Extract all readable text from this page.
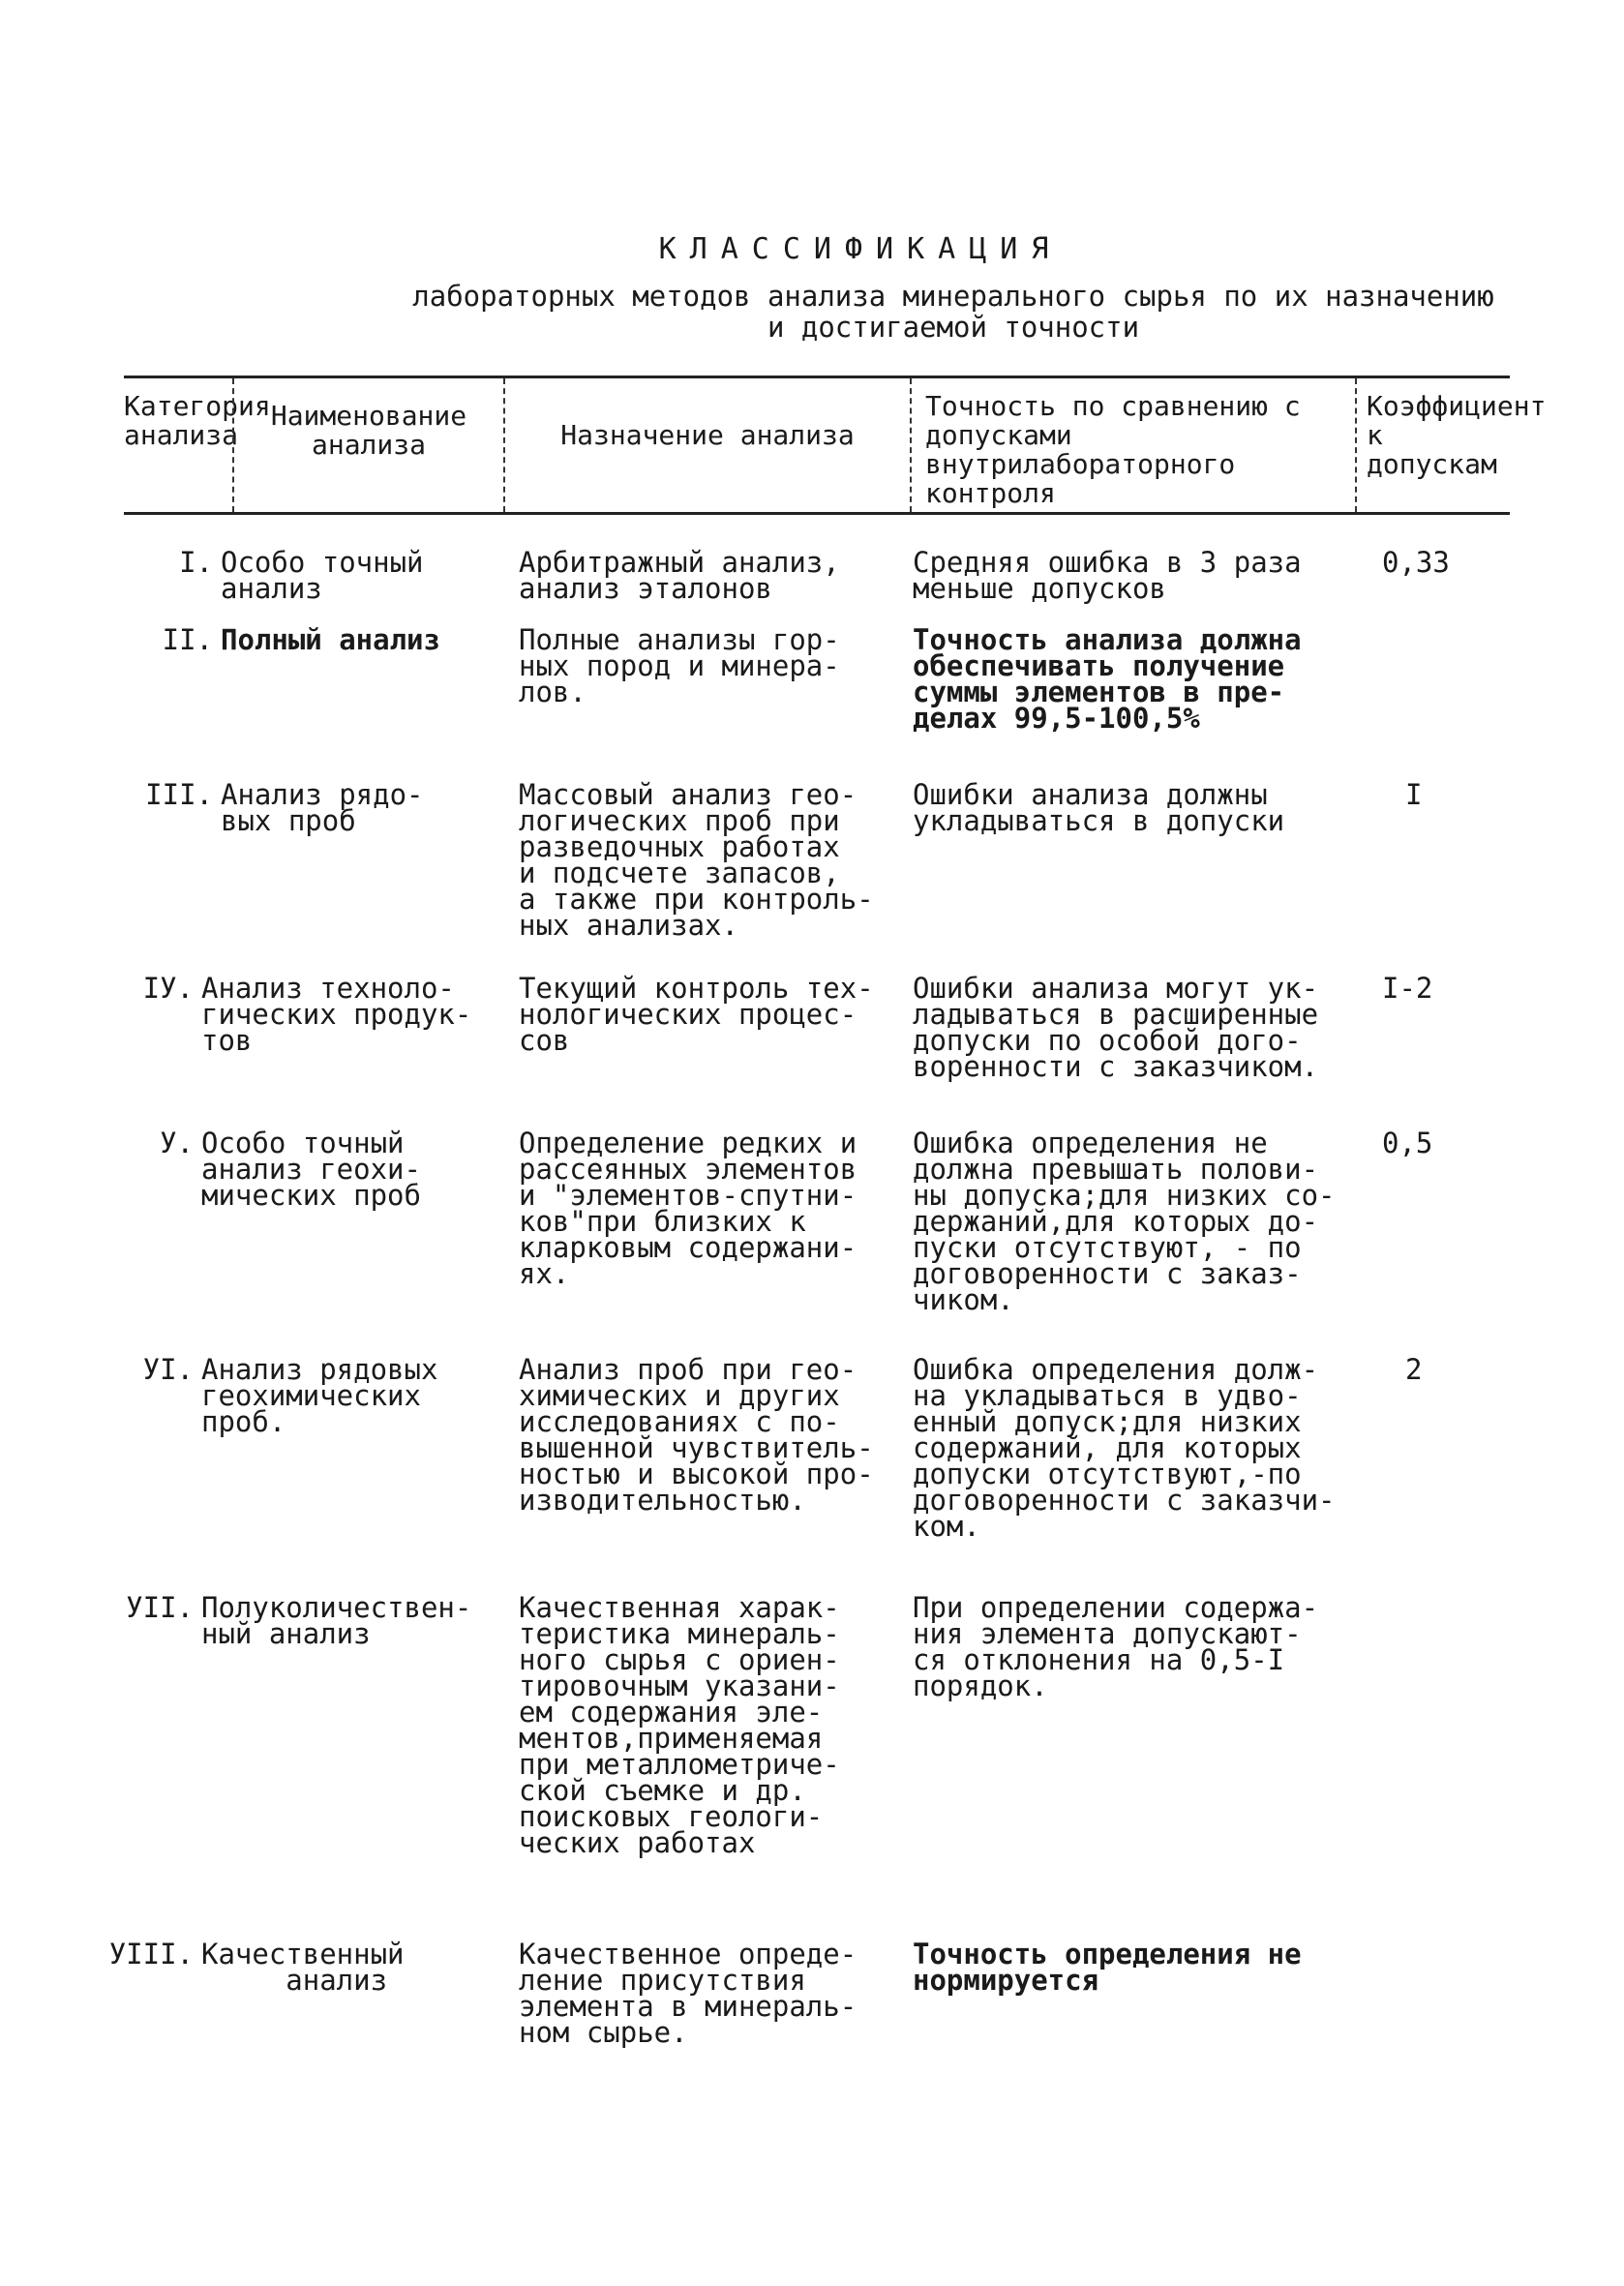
КЛАССИФИКАЦИЯ
лабораторных методов анализа минерального сырья по их назначению и достигаемой точности
Категория анализа
Наименование анализа	Назначение анализа
Точность по сравнению с допусками внутрилабораторного контроля
Коэффициент к допускам
I. Особо точный
анализ
Арбитражный анализ,
анализ эталонов
Средняя ошибка в 3 раза
меньше допусков
0,33
II. Полный анализ	Полные анализы гор-
ных пород и минера-
лов.
Точность анализа должна
обеспечивать получение
суммы элементов в пре-
делах 99,5-100,5%
III. Анализ рядо-
вых проб
Массовый анализ гео-
логических проб при
разведочных работах
и подсчете запасов,
а также при контроль-
ных анализах.
Ошибки анализа должны
укладываться в допуски
I
IУ. Анализ техноло-
гических продук-
тов
Текущий контроль тех-
нологических процес-
сов
Ошибки анализа могут ук-
ладываться в расширенные
допуски по особой дого-
воренности с заказчиком.
I-2
У. Особо точный
анализ геохи-
мических проб
Определение редких и
рассеянных элементов
и "элементов-спутни-
ков"при близких к
кларковым содержани-
ях.
Ошибка определения не
должна превышать полови-
ны допуска;для низких со-
держаний,для которых до-
пуски отсутствуют, - по
договоренности с заказ-
чиком.
0,5
УI. Анализ рядовых
геохимических
проб.
Анализ проб при гео-
химических и других
исследованиях с по-
вышенной чувствитель-
ностью и высокой про-
изводительностью.
Ошибка определения долж-
на укладываться в удво-
енный допуск;для низких
содержаний, для которых
допуски отсутствуют,-по
договоренности с заказчи-
ком.
2
УII. Полуколичествен-
ный анализ
Качественная харак-
теристика минераль-
ного сырья с ориен-
тировочным указани-
ем содержания эле-
ментов,применяемая
при металлометриче-
ской съемке и др.
поисковых геологи-
ческих работах
При определении содержа-
ния элемента допускают-
ся отклонения на 0,5-I
порядок.
УIII. Качественный
анализ
Качественное опреде-
ление присутствия
элемента в минераль-
ном сырье.
Точность определения не
нормируется
